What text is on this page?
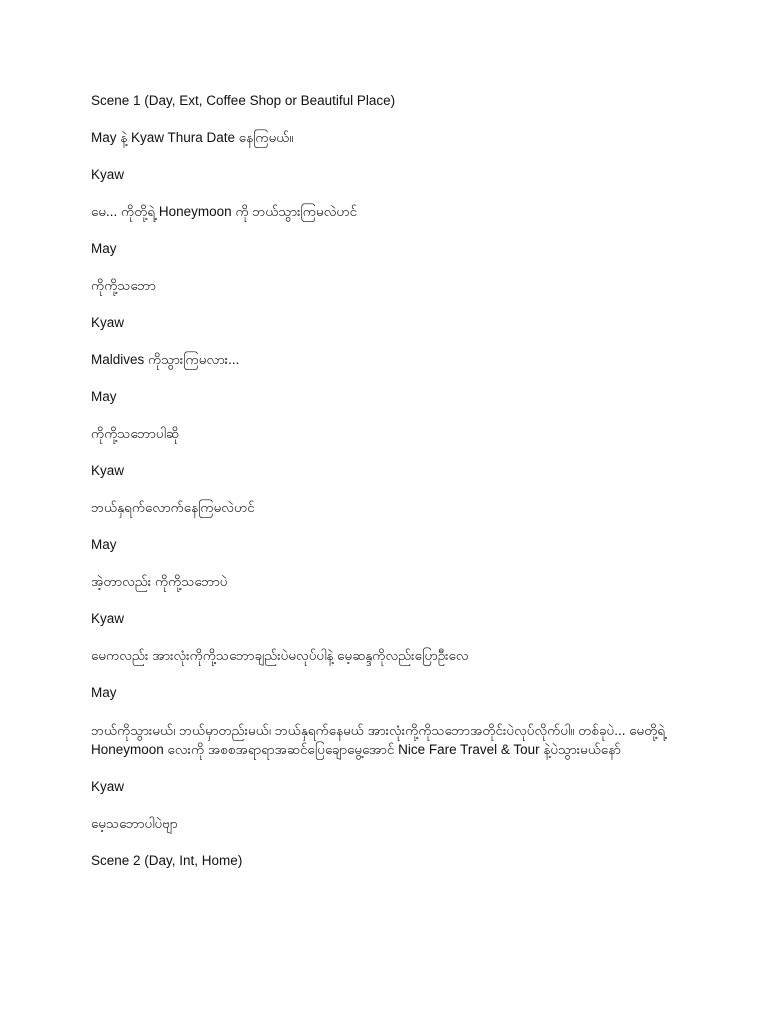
Scene 1 (Day, Ext, Coffee Shop or Beautiful Place)

May နဲ့ Kyaw Thura Date နေကြမယ်။

Kyaw

မေ... ကိုတို့ရဲ့ Honeymoon ကို ဘယ်သွားကြမလဲဟင်

May

ကိုကို့သဘော

Kyaw

Maldives ကိုသွားကြမလား...

May

ကိုကို့သဘောပါဆို

Kyaw

ဘယ်နှရက်လောက်နေကြမလဲဟင်

May

အဲ့တာလည်း ကိုကို့သဘောပဲ

Kyaw

မေကလည်း အားလုံးကိုကို့သဘောချည်းပဲမလုပ်ပါနဲ့ မေ့ဆန္ဒကိုလည်းပြောဦးလေ

May

ဘယ်ကိုသွားမယ်၊ ဘယ်မှာတည်းမယ်၊ ဘယ်နှရက်နေမယ် အားလုံးကို့ကိုသဘောအတိုင်းပဲလုပ်လိုက်ပါ။ တစ်ခုပဲ... မေတို့ရဲ့ Honeymoon လေးကို အစစအရာရာအဆင်ပြေချောမွေ့အောင် Nice Fare Travel & Tour နဲ့ပဲသွားမယ်နော်

Kyaw

မေ့သဘောပါပဲဗျာ

Scene 2 (Day, Int, Home)
